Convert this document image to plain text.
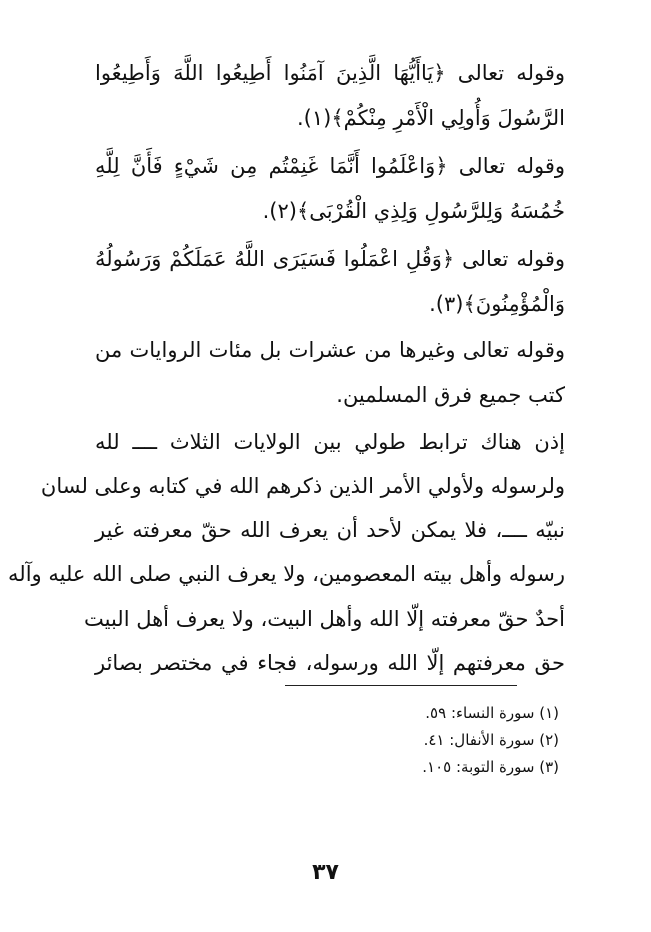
وقوله تعالى ﴿يَاأَيُّهَا الَّذِينَ آمَنُوا أَطِيعُوا اللَّهَ وَأَطِيعُوا
الرَّسُولَ وَأُولِي الْأَمْرِ مِنْكُمْ﴾(١).
وقوله تعالى ﴿وَاعْلَمُوا أَنَّمَا غَنِمْتُم مِن شَيْءٍ فَأَنَّ لِلَّهِ
خُمُسَهُ وَلِلرَّسُولِ وَلِذِي الْقُرْبَى﴾(٢).
وقوله تعالى ﴿وَقُلِ اعْمَلُوا فَسَيَرَى اللَّهُ عَمَلَكُمْ وَرَسُولُهُ
وَالْمُؤْمِنُونَ﴾(٣).
وقوله تعالى وغيرها من عشرات بل مئات الروايات من
كتب جميع فرق المسلمين.
إذن هناك ترابط طولي بين الولايات الثلاث ــــ لله
ولرسوله ولأولي الأمر الذين ذكرهم الله في كتابه وعلى لسان
نبيّه ــــ، فلا يمكن لأحد أن يعرف الله حقّ معرفته غير
رسوله وأهل بيته المعصومين، ولا يعرف النبي صلى الله عليه وآله
أحدٌ حقّ معرفته إلّا الله وأهل البيت، ولا يعرف أهل البيت
حق معرفتهم إلّا الله ورسوله، فجاء في مختصر بصائر
(١) سورة النساء: ٥٩.
(٢) سورة الأنفال: ٤١.
(٣) سورة التوبة: ١٠٥.
٣٧
